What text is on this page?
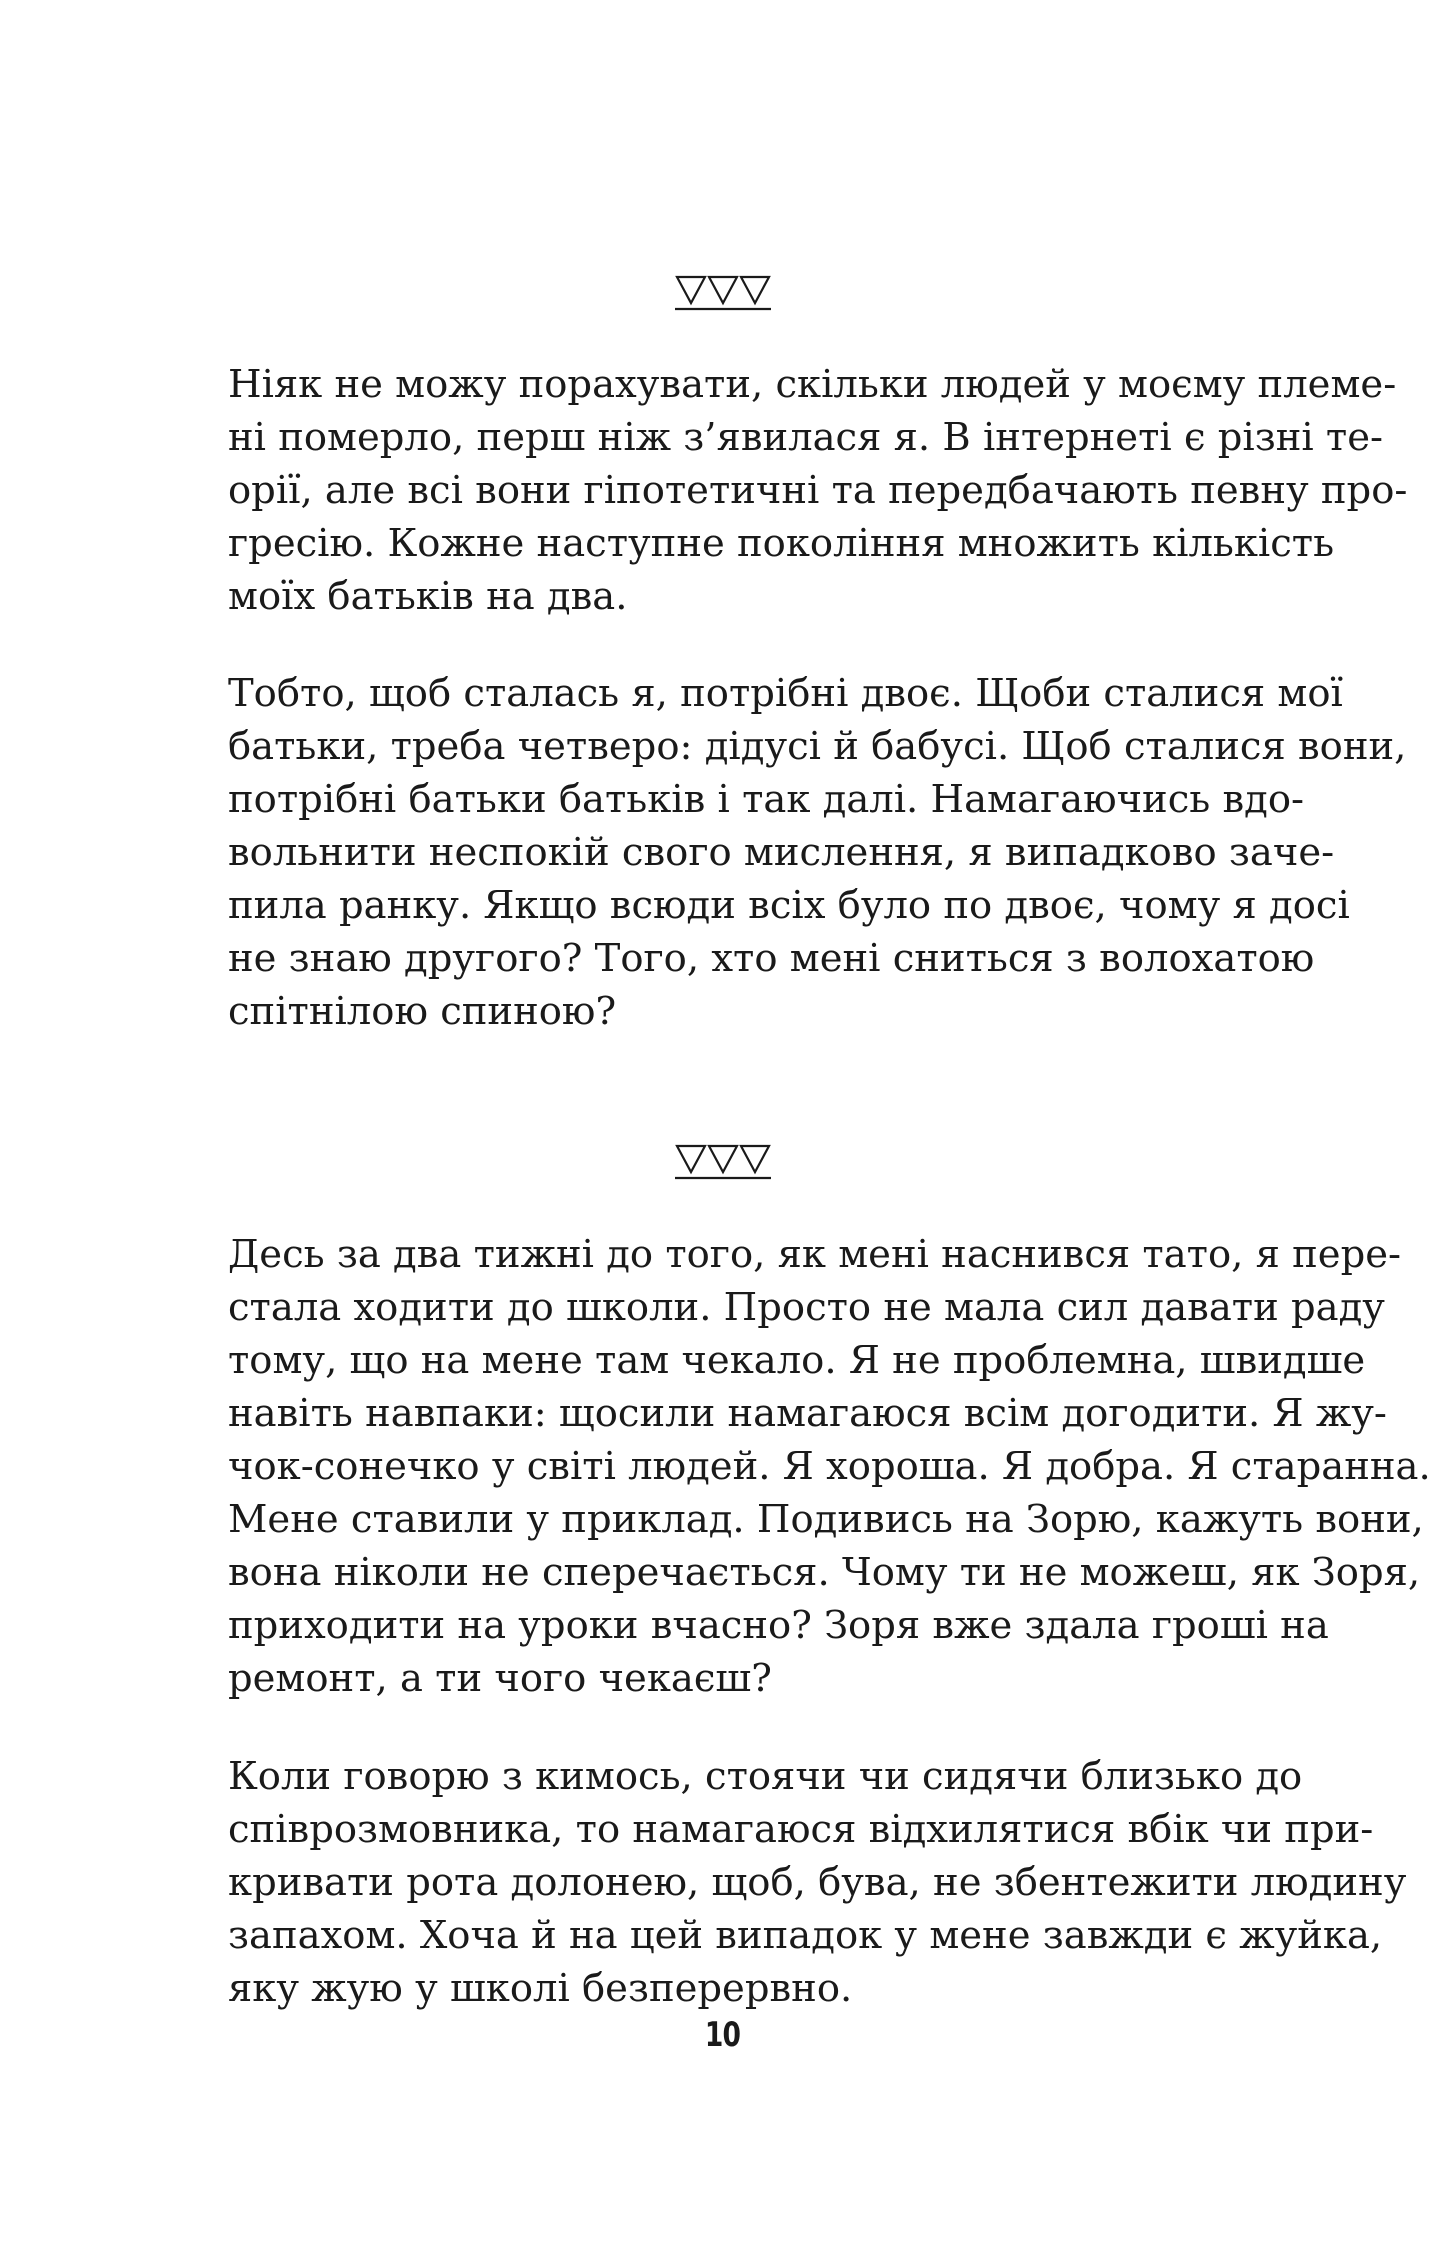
Ніяк не можу порахувати, скільки людей у моєму племе-
ні померло, перш ніж з’явилася я. В інтернеті є різні те-
орії, але всі вони гіпотетичні та передбачають певну про-
гресію. Кожне наступне покоління множить кількість
моїх батьків на два.
Тобто, щоб сталась я, потрібні двоє. Щоби сталися мої
батьки, треба четверо: дідусі й бабусі. Щоб сталися вони,
потрібні батьки батьків і так далі. Намагаючись вдо-
вольнити неспокій свого мислення, я випадково заче-
пила ранку. Якщо всюди всіх було по двоє, чому я досі
не знаю другого? Того, хто мені сниться з волохатою
спітнілою спиною?
Десь за два тижні до того, як мені наснився тато, я пере-
стала ходити до школи. Просто не мала сил давати раду
тому, що на мене там чекало. Я не проблемна, швидше
навіть навпаки: щосили намагаюся всім догодити. Я жу-
чок-сонечко у світі людей. Я хороша. Я добра. Я старанна.
Мене ставили у приклад. Подивись на Зорю, кажуть вони,
вона ніколи не сперечається. Чому ти не можеш, як Зоря,
приходити на уроки вчасно? Зоря вже здала гроші на
ремонт, а ти чого чекаєш?
Коли говорю з кимось, стоячи чи сидячи близько до
співрозмовника, то намагаюся відхилятися вбік чи при-
кривати рота долонею, щоб, бува, не збентежити людину
запахом. Хоча й на цей випадок у мене завжди є жуйка,
яку жую у школі безперервно.
10
